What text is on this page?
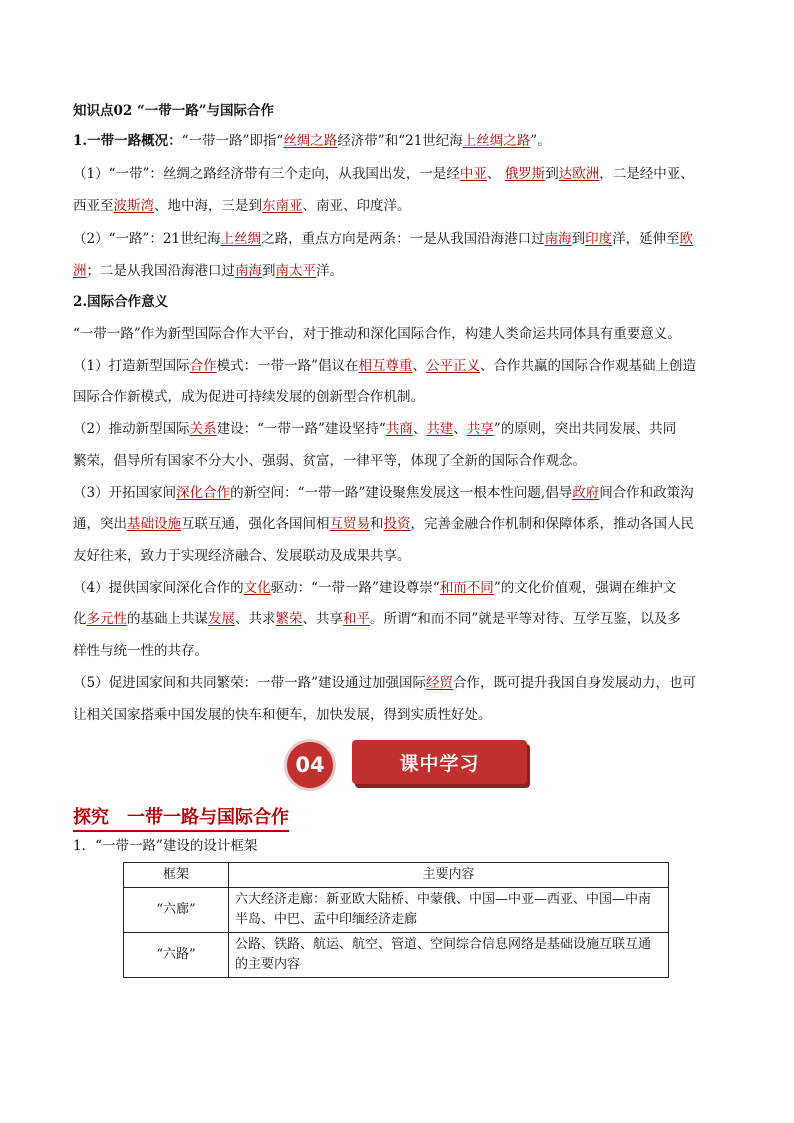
知识点02 “一带一路”与国际合作
1.一带一路概况：“一带一路”即指“丝绸之路经济带”和“21世纪海上丝绸之路”。
（1）“一带”：丝绸之路经济带有三个走向，从我国出发，一是经中亚、 俄罗斯到达欧洲，二是经中亚、
西亚至波斯湾、地中海，三是到东南亚、南亚、印度洋。
（2）“一路”：21世纪海上丝绸之路，重点方向是两条：一是从我国沿海港口过南海到印度洋，延伸至欧
洲；二是从我国沿海港口过南海到南太平洋。
2.国际合作意义
“一带一路”作为新型国际合作大平台，对于推动和深化国际合作，构建人类命运共同体具有重要意义。
（1）打造新型国际合作模式：一带一路”倡议在相互尊重、公平正义、合作共赢的国际合作观基础上创造
国际合作新模式，成为促进可持续发展的创新型合作机制。
（2）推动新型国际关系建设：“一带一路”建设坚持“共商、共建、共享”的原则，突出共同发展、共同
繁荣，倡导所有国家不分大小、强弱、贫富，一律平等，体现了全新的国际合作观念。
（3）开拓国家间深化合作的新空间：“一带一路”建设聚焦发展这一根本性问题,倡导政府间合作和政策沟
通，突出基础设施互联互通，强化各国间相互贸易和投资，完善金融合作机制和保障体系，推动各国人民
友好往来，致力于实现经济融合、发展联动及成果共享。
（4）提供国家间深化合作的文化驱动：“一带一路”建设尊崇“和而不同”的文化价值观，强调在维护文
化多元性的基础上共谋发展、共求繁荣、共享和平。所谓“和而不同”就是平等对待、互学互鉴，以及多
样性与统一性的共存。
（5）促进国家间和共同繁荣：一带一路”建设通过加强国际经贸合作，既可提升我国自身发展动力，也可
让相关国家搭乘中国发展的快车和便车，加快发展，得到实质性好处。
04	课中学习
探究　一带一路与国际合作
1．“一带一路”建设的设计框架
框架	主要内容
“六廊”	六大经济走廊：新亚欧大陆桥、中蒙俄、中国—中亚—西亚、中国—中南半岛、中巴、孟中印缅经济走廊
“六路”	公路、铁路、航运、航空、管道、空间综合信息网络是基础设施互联互通的主要内容
